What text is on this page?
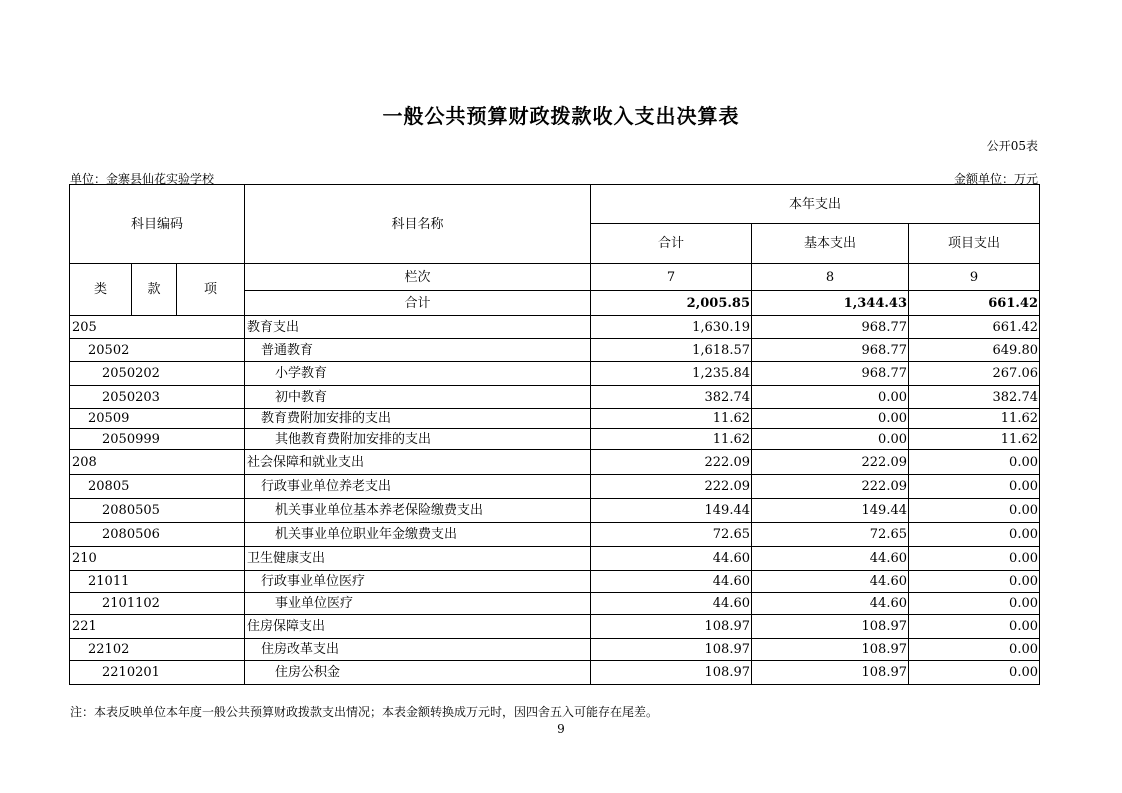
一般公共预算财政拨款收入支出决算表
公开05表
单位：金寨县仙花实验学校	金额单位：万元
科目编码			科目名称	本年支出		
				合计	基本支出	项目支出
类	款	项	栏次	7	8	9
			合计	2,005.85	1,344.43	661.42
205			教育支出	1,630.19	968.77	661.42
20502			普通教育	1,618.57	968.77	649.80
2050202			小学教育	1,235.84	968.77	267.06
2050203			初中教育	382.74	0.00	382.74
20509			教育费附加安排的支出	11.62	0.00	11.62
2050999			其他教育费附加安排的支出	11.62	0.00	11.62
208			社会保障和就业支出	222.09	222.09	0.00
20805			行政事业单位养老支出	222.09	222.09	0.00
2080505			机关事业单位基本养老保险缴费支出	149.44	149.44	0.00
2080506			机关事业单位职业年金缴费支出	72.65	72.65	0.00
210			卫生健康支出	44.60	44.60	0.00
21011			行政事业单位医疗	44.60	44.60	0.00
2101102			事业单位医疗	44.60	44.60	0.00
221			住房保障支出	108.97	108.97	0.00
22102			住房改革支出	108.97	108.97	0.00
2210201			住房公积金	108.97	108.97	0.00
注：本表反映单位本年度一般公共预算财政拨款支出情况；本表金额转换成万元时，因四舍五入可能存在尾差。
9
